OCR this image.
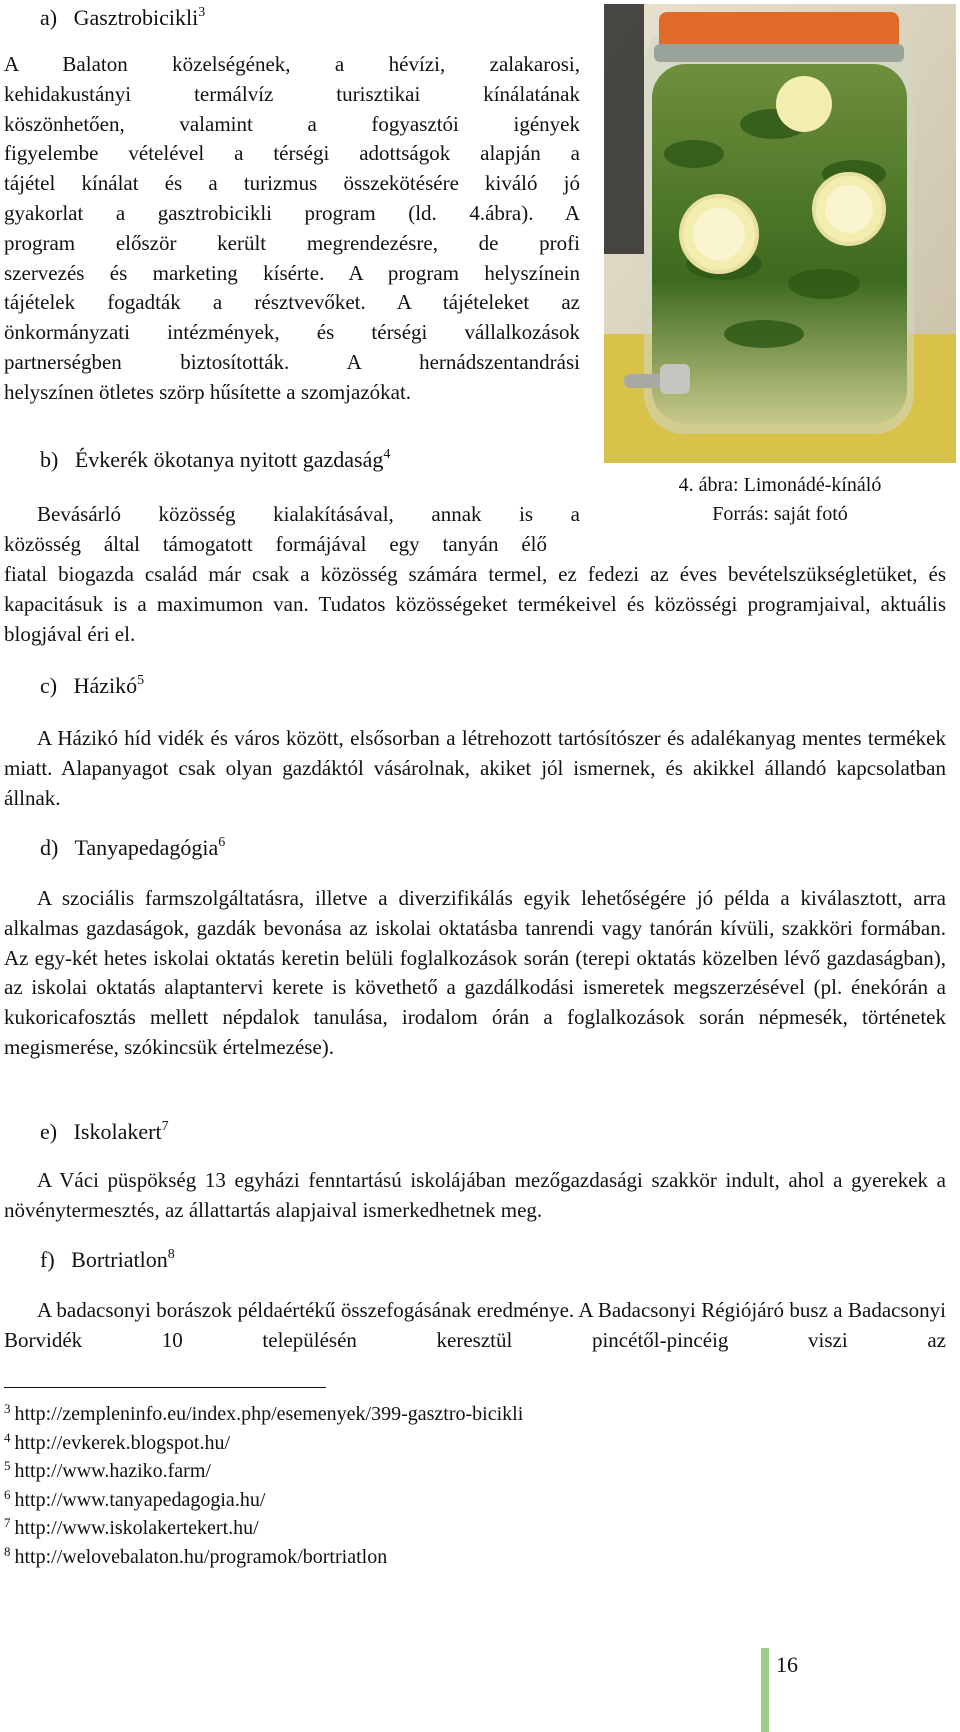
a) Gasztrobicikli$^3$
A Balaton közelségének, a hévízi, zalakarosi,
kehidakustányi termálvíz turisztikai kínálatának
köszönhetően, valamint a fogyasztói igények
figyelembe vételével a térségi adottságok alapján a
tájétel kínálat és a turizmus összekötésére kiváló jó
gyakorlat a gasztrobicikli program (ld. 4.ábra). A
program először került megrendezésre, de profi
szervezés és marketing kísérte. A program helyszínein
tájételek fogadták a résztvevőket. A tájételeket az
önkormányzati intézmények, és térségi vállalkozások
partnerségben biztosították. A hernádszentandrási
helyszínen ötletes szörp hűsítette a szomjazókat.
b) Évkerék ökotanya nyitott gazdaság$^4$
4. ábra: Limonádé-kínáló
Forrás: saját fotó
Bevásárló közösség kialakításával, annak is a
közösség által támogatott formájával egy tanyán élő
fiatal biogazda család már csak a közösség számára termel, ez fedezi az éves bevételszükségletüket, és kapacitásuk is a maximumon van. Tudatos közösségeket termékeivel és közösségi programjaival, aktuális blogjával éri el.
c) Házikó$^5$
A Házikó híd vidék és város között, elsősorban a létrehozott tartósítószer és adalékanyag mentes termékek miatt. Alapanyagot csak olyan gazdáktól vásárolnak, akiket jól ismernek, és akikkel állandó kapcsolatban állnak.
d) Tanyapedagógia$^6$
A szociális farmszolgáltatásra, illetve a diverzifikálás egyik lehetőségére jó példa a kiválasztott, arra alkalmas gazdaságok, gazdák bevonása az iskolai oktatásba tanrendi vagy tanórán kívüli, szakköri formában. Az egy-két hetes iskolai oktatás keretin belüli foglalkozások során (terepi oktatás közelben lévő gazdaságban), az iskolai oktatás alaptantervi kerete is követhető a gazdálkodási ismeretek megszerzésével (pl. énekórán a kukoricafosztás mellett népdalok tanulása, irodalom órán a foglalkozások során népmesék, történetek megismerése, szókincsük értelmezése).
e) Iskolakert$^7$
A Váci püspökség 13 egyházi fenntartású iskolájában mezőgazdasági szakkör indult, ahol a gyerekek a növénytermesztés, az állattartás alapjaival ismerkedhetnek meg.
f) Bortriatlon$^8$
A badacsonyi borászok példaértékű összefogásának eredménye. A Badacsonyi Régiójáró busz a Badacsonyi Borvidék 10 településén keresztül pincétől-pincéig viszi az
$^3$ http://zempleninfo.eu/index.php/esemenyek/399-gasztro-bicikli
$^4$ http://evkerek.blogspot.hu/
$^5$ http://www.haziko.farm/
$^6$ http://www.tanyapedagogia.hu/
$^7$ http://www.iskolakertekert.hu/
$^8$ http://welovebalaton.hu/programok/bortriatlon
16
